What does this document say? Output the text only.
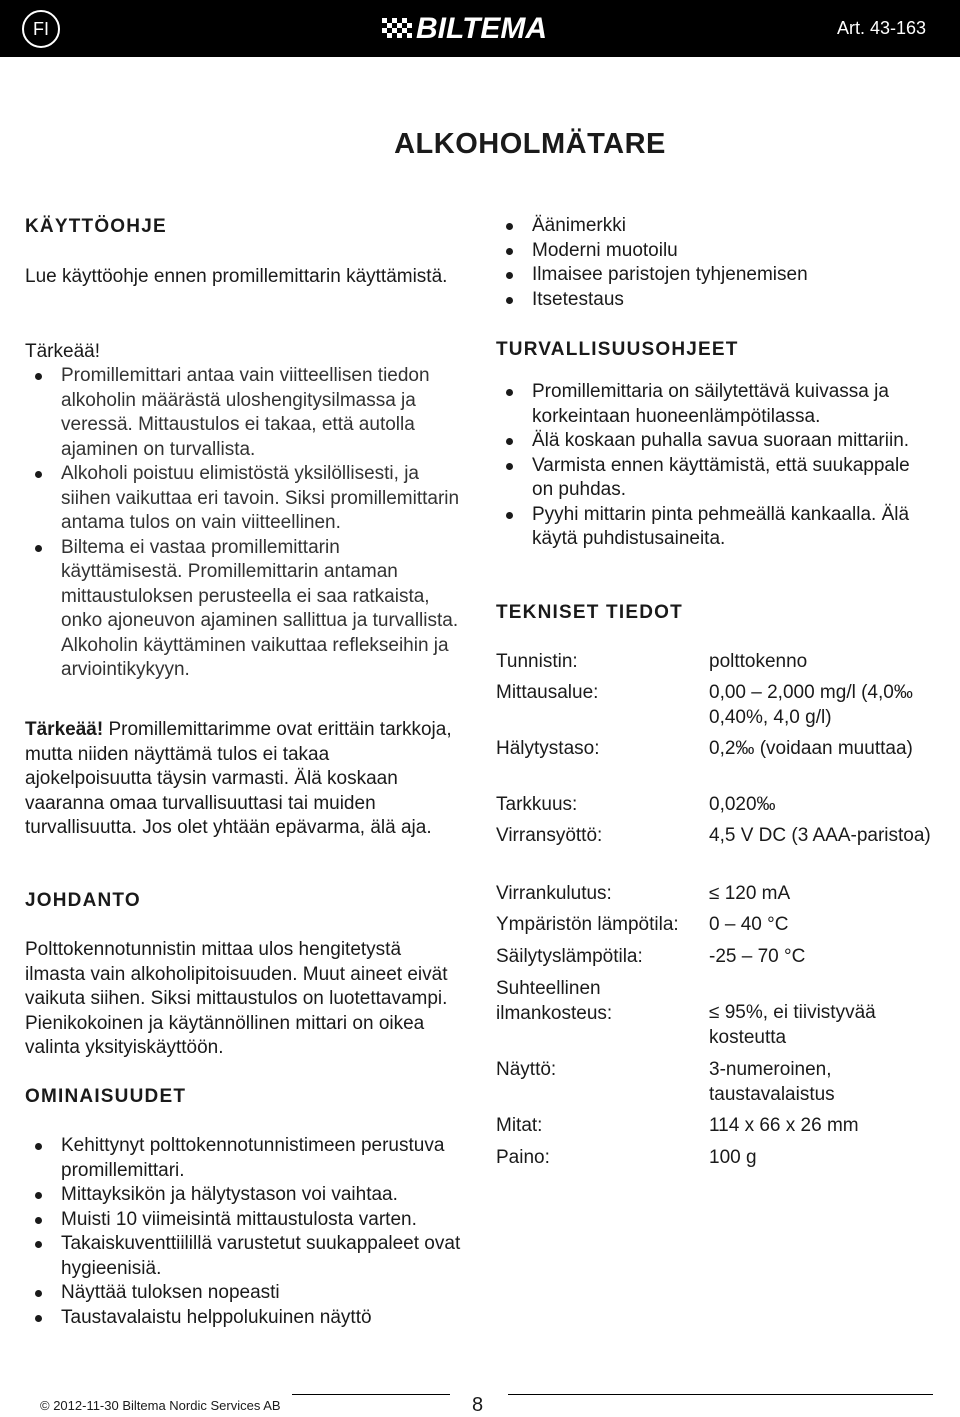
FI	BILTEMA	Art. 43-163
ALKOHOLMÄTARE
KÄYTTÖOHJE
Lue käyttöohje ennen promillemittarin käyttämistä.
Tärkeää!
Promillemittari antaa vain viitteellisen tiedon alkoholin määrästä uloshengitysilmassa ja veressä. Mittaustulos ei takaa, että autolla ajaminen on turvallista.
Alkoholi poistuu elimistöstä yksilöllisesti, ja siihen vaikuttaa eri tavoin. Siksi promillemittarin antama tulos on vain viitteellinen.
Biltema ei vastaa promillemittarin käyttämisestä. Promillemittarin antaman mittaustuloksen perusteella ei saa ratkaista, onko ajoneuvon ajaminen sallittua ja turvallista. Alkoholin käyttäminen vaikuttaa reflekseihin ja arviointikykyyn.
Tärkeää! Promillemittarimme ovat erittäin tarkkoja, mutta niiden näyttämä tulos ei takaa ajokelpoisuutta täysin varmasti. Älä koskaan vaaranna omaa turvallisuuttasi tai muiden turvallisuutta. Jos olet yhtään epävarma, älä aja.
JOHDANTO
Polttokennotunnistin mittaa ulos hengitetystä ilmasta vain alkoholipitoisuuden. Muut aineet eivät vaikuta siihen. Siksi mittaustulos on luotettavampi. Pienikokoinen ja käytännöllinen mittari on oikea valinta yksityiskäyttöön.
OMINAISUUDET
Kehittynyt polttokennotunnistimeen perustuva promillemittari.
Mittayksikön ja hälytystason voi vaihtaa.
Muisti 10 viimeisintä mittaustulosta varten.
Takaiskuventtiilillä varustetut suukappaleet ovat hygieenisiä.
Näyttää tuloksen nopeasti
Taustavalaistu helppolukuinen näyttö
Äänimerkki
Moderni muotoilu
Ilmaisee paristojen tyhjenemisen
Itsetestaus
TURVALLISUUSOHJEET
Promillemittaria on säilytettävä kuivassa ja korkeintaan huoneenlämpötilassa.
Älä koskaan puhalla savua suoraan mittariin.
Varmista ennen käyttämistä, että suukappale on puhdas.
Pyyhi mittarin pinta pehmeällä kankaalla. Älä käytä puhdistusaineita.
TEKNISET TIEDOT
Tunnistin:	polttokenno
Mittausalue:	0,00 – 2,000 mg/l (4,0‰ 0,40%, 4,0 g/l)
Hälytystaso:	0,2‰ (voidaan muuttaa)
Tarkkuus:	0,020‰
Virransyöttö:	4,5 V DC (3 AAA-paristoa)
Virrankulutus:	≤ 120 mA
Ympäristön lämpötila:	0 – 40 °C
Säilytyslämpötila:	-25 – 70 °C
Suhteellinen ilmankosteus:	≤ 95%, ei tiivistyvää kosteutta
Näyttö:	3-numeroinen, taustavalaistus
Mitat:	114 x 66 x 26 mm
Paino:	100 g
© 2012-11-30 Biltema Nordic Services AB	8
